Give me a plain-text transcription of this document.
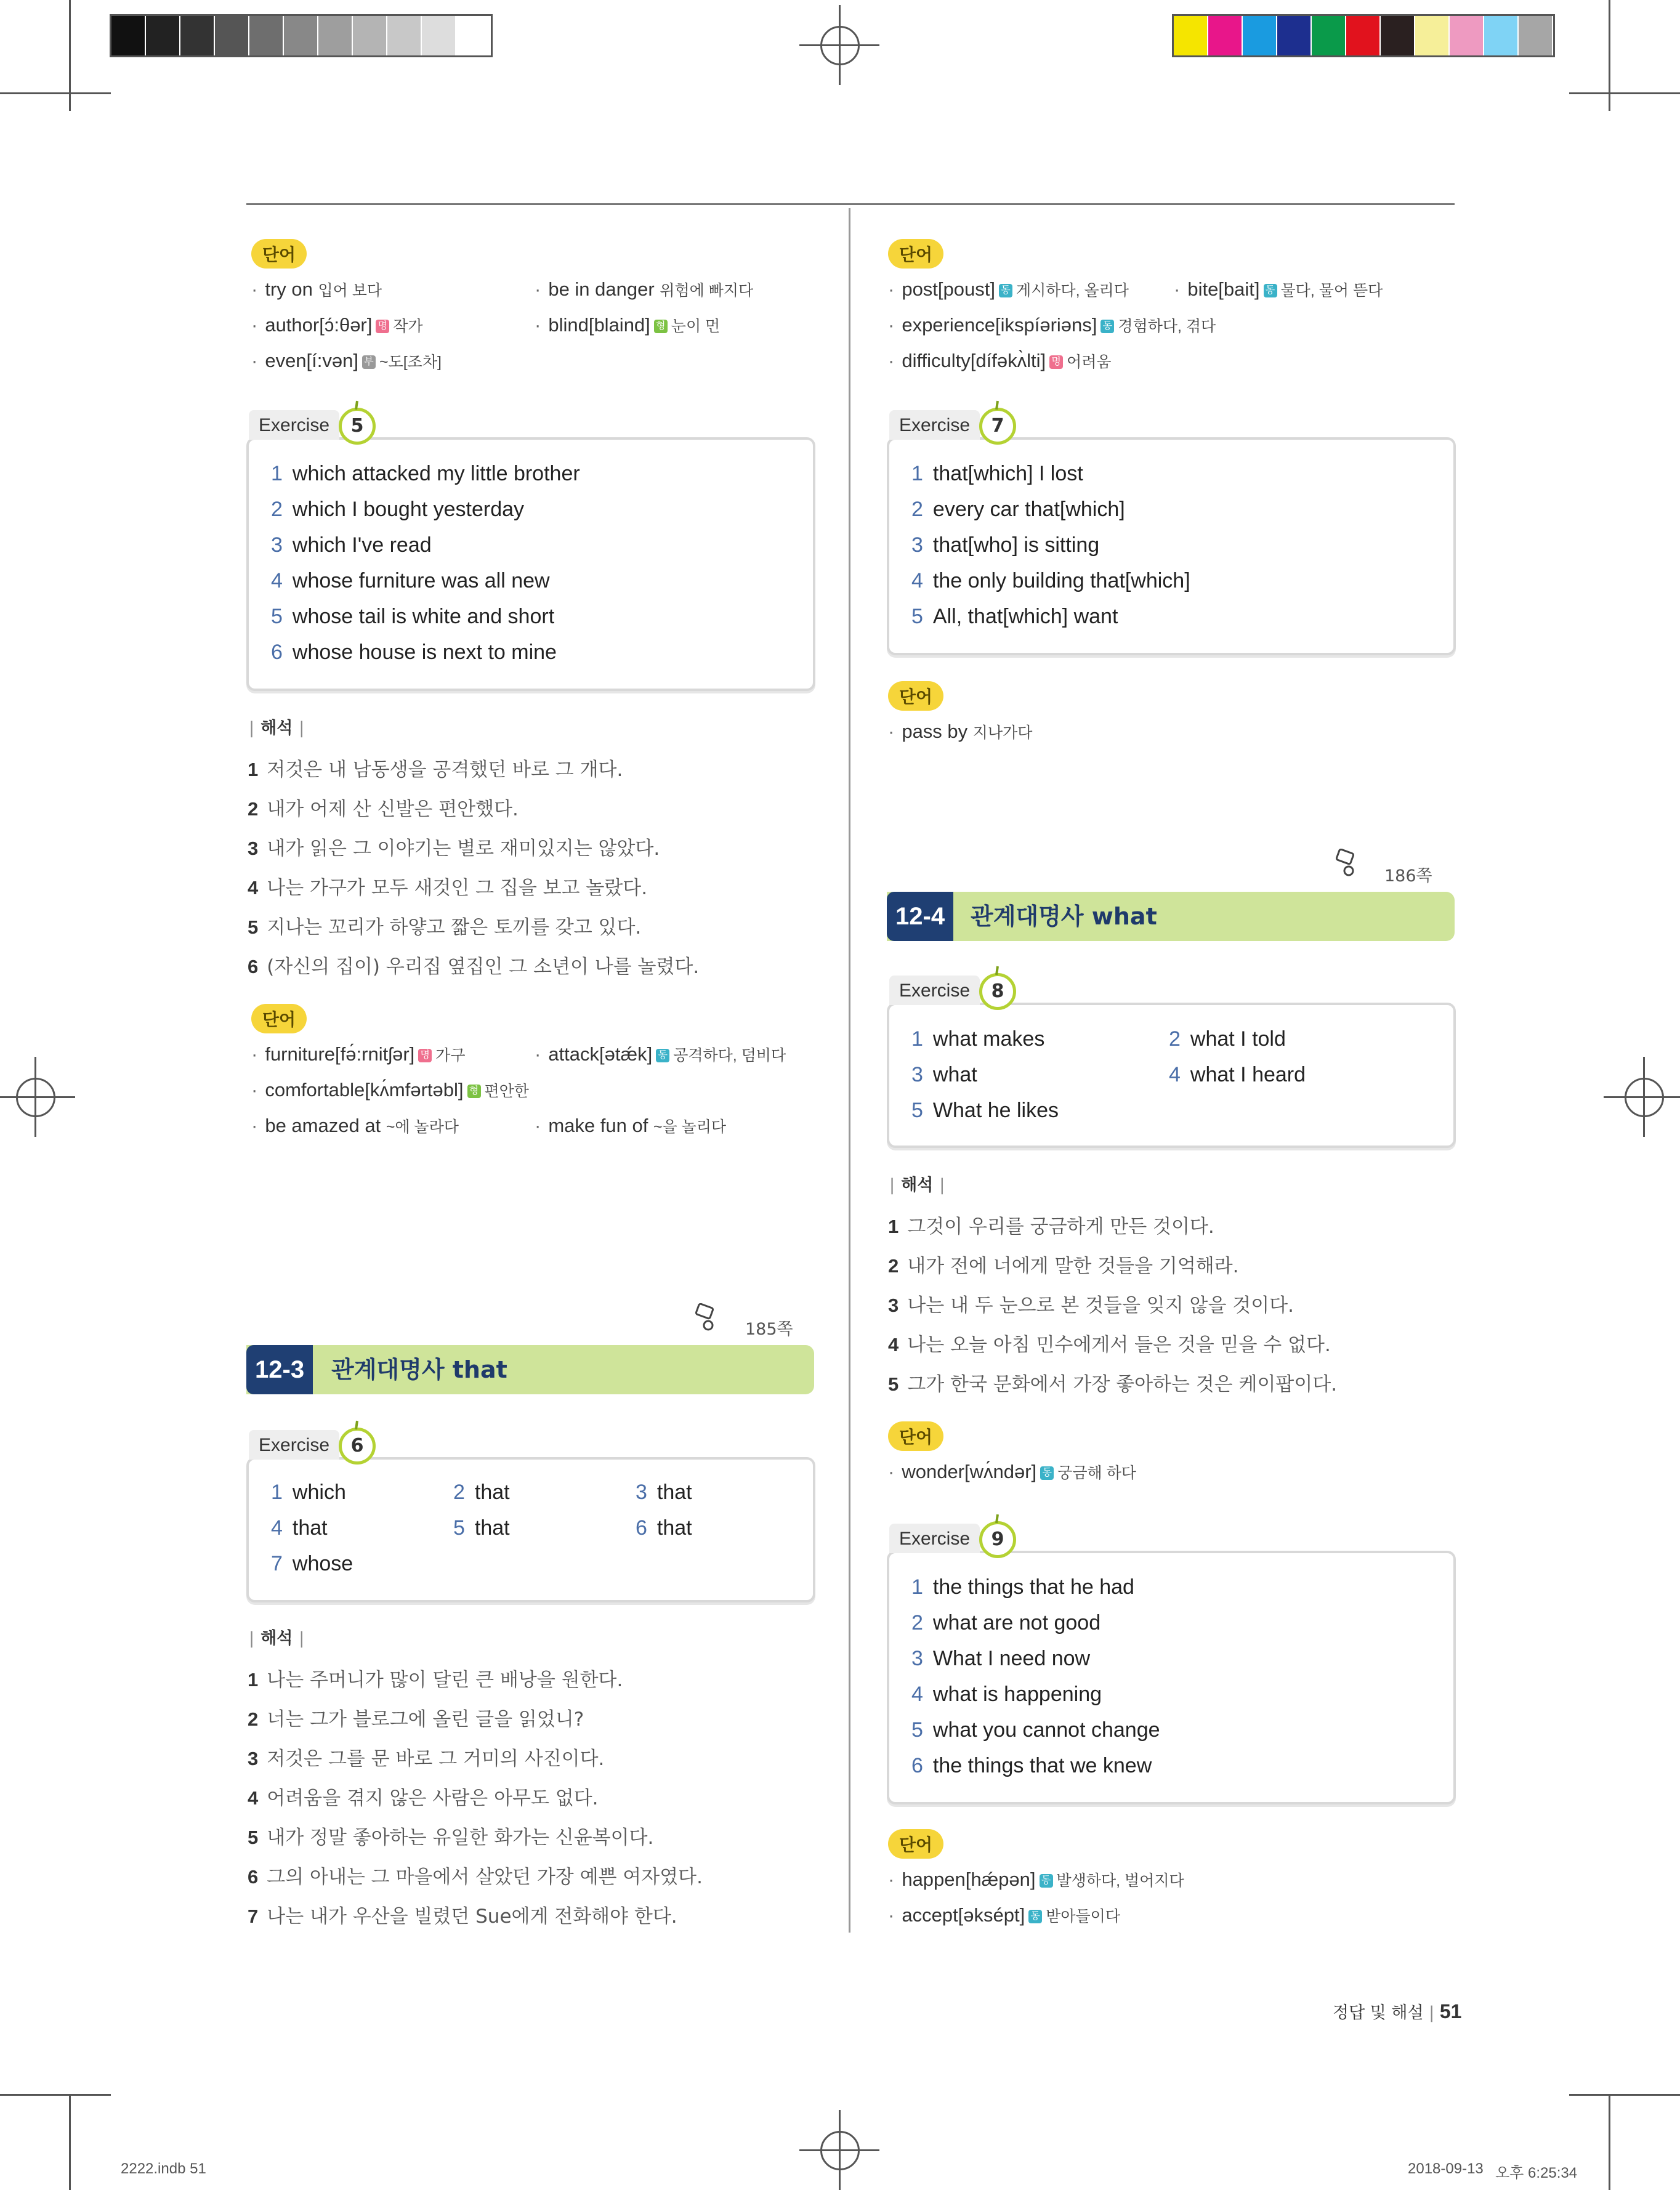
단어
· try on 입어 보다
· author[ɔ́:θər] 명 작가
· even[í:vən] 부 ~도[조차]
· be in danger 위험에 빠지다
· blind[blaind] 형 눈이 먼
Exercise	5
1 which attacked my little brother
2 which I bought yesterday
3 which I've read
4 whose furniture was all new
5 whose tail is white and short
6 whose house is next to mine
| 해석 |
1 저것은 내 남동생을 공격했던 바로 그 개다.
2 내가 어제 산 신발은 편안했다.
3 내가 읽은 그 이야기는 별로 재미있지는 않았다.
4 나는 가구가 모두 새것인 그 집을 보고 놀랐다.
5 지나는 꼬리가 하얗고 짧은 토끼를 갖고 있다.
6 (자신의 집이) 우리집 옆집인 그 소년이 나를 놀렸다.
단어
· furniture[fə́:rnitʃər] 명 가구
· comfortable[kʌ́mfərtəbl] 형 편안한
· be amazed at ~에 놀라다
· attack[ətǽk] 동 공격하다, 덤비다
· make fun of ~을 놀리다
185쪽
12-3	관계대명사 that
Exercise	6
1 which	2 that	3 that
4 that	5 that	6 that
7 whose
| 해석 |
1 나는 주머니가 많이 달린 큰 배낭을 원한다.
2 너는 그가 블로그에 올린 글을 읽었니?
3 저것은 그를 문 바로 그 거미의 사진이다.
4 어려움을 겪지 않은 사람은 아무도 없다.
5 내가 정말 좋아하는 유일한 화가는 신윤복이다.
6 그의 아내는 그 마을에서 살았던 가장 예쁜 여자였다.
7 나는 내가 우산을 빌렸던 Sue에게 전화해야 한다.
단어
· post[poust] 동 게시하다, 올리다
· experience[ikspíəriəns] 동 경험하다, 겪다
· difficulty[dífəkʌ̀lti] 명 어려움
· bite[bait] 동 물다, 물어 뜯다
Exercise	7
1 that[which] I lost
2 every car that[which]
3 that[who] is sitting
4 the only building that[which]
5 All, that[which] want
단어
· pass by 지나가다
186쪽
12-4	관계대명사 what
Exercise	8
1 what makes	2 what I told
3 what	4 what I heard
5 What he likes
| 해석 |
1 그것이 우리를 궁금하게 만든 것이다.
2 내가 전에 너에게 말한 것들을 기억해라.
3 나는 내 두 눈으로 본 것들을 잊지 않을 것이다.
4 나는 오늘 아침 민수에게서 들은 것을 믿을 수 없다.
5 그가 한국 문화에서 가장 좋아하는 것은 케이팝이다.
단어
· wonder[wʌ́ndər] 동 궁금해 하다
Exercise	9
1 the things that he had
2 what are not good
3 What I need now
4 what is happening
5 what you cannot change
6 the things that we knew
단어
· happen[hǽpən] 동 발생하다, 벌어지다
· accept[əksépt] 동 받아들이다
정답 및 해설 | 51
2222.indb 51	2018-09-13 오후 6:25:34
